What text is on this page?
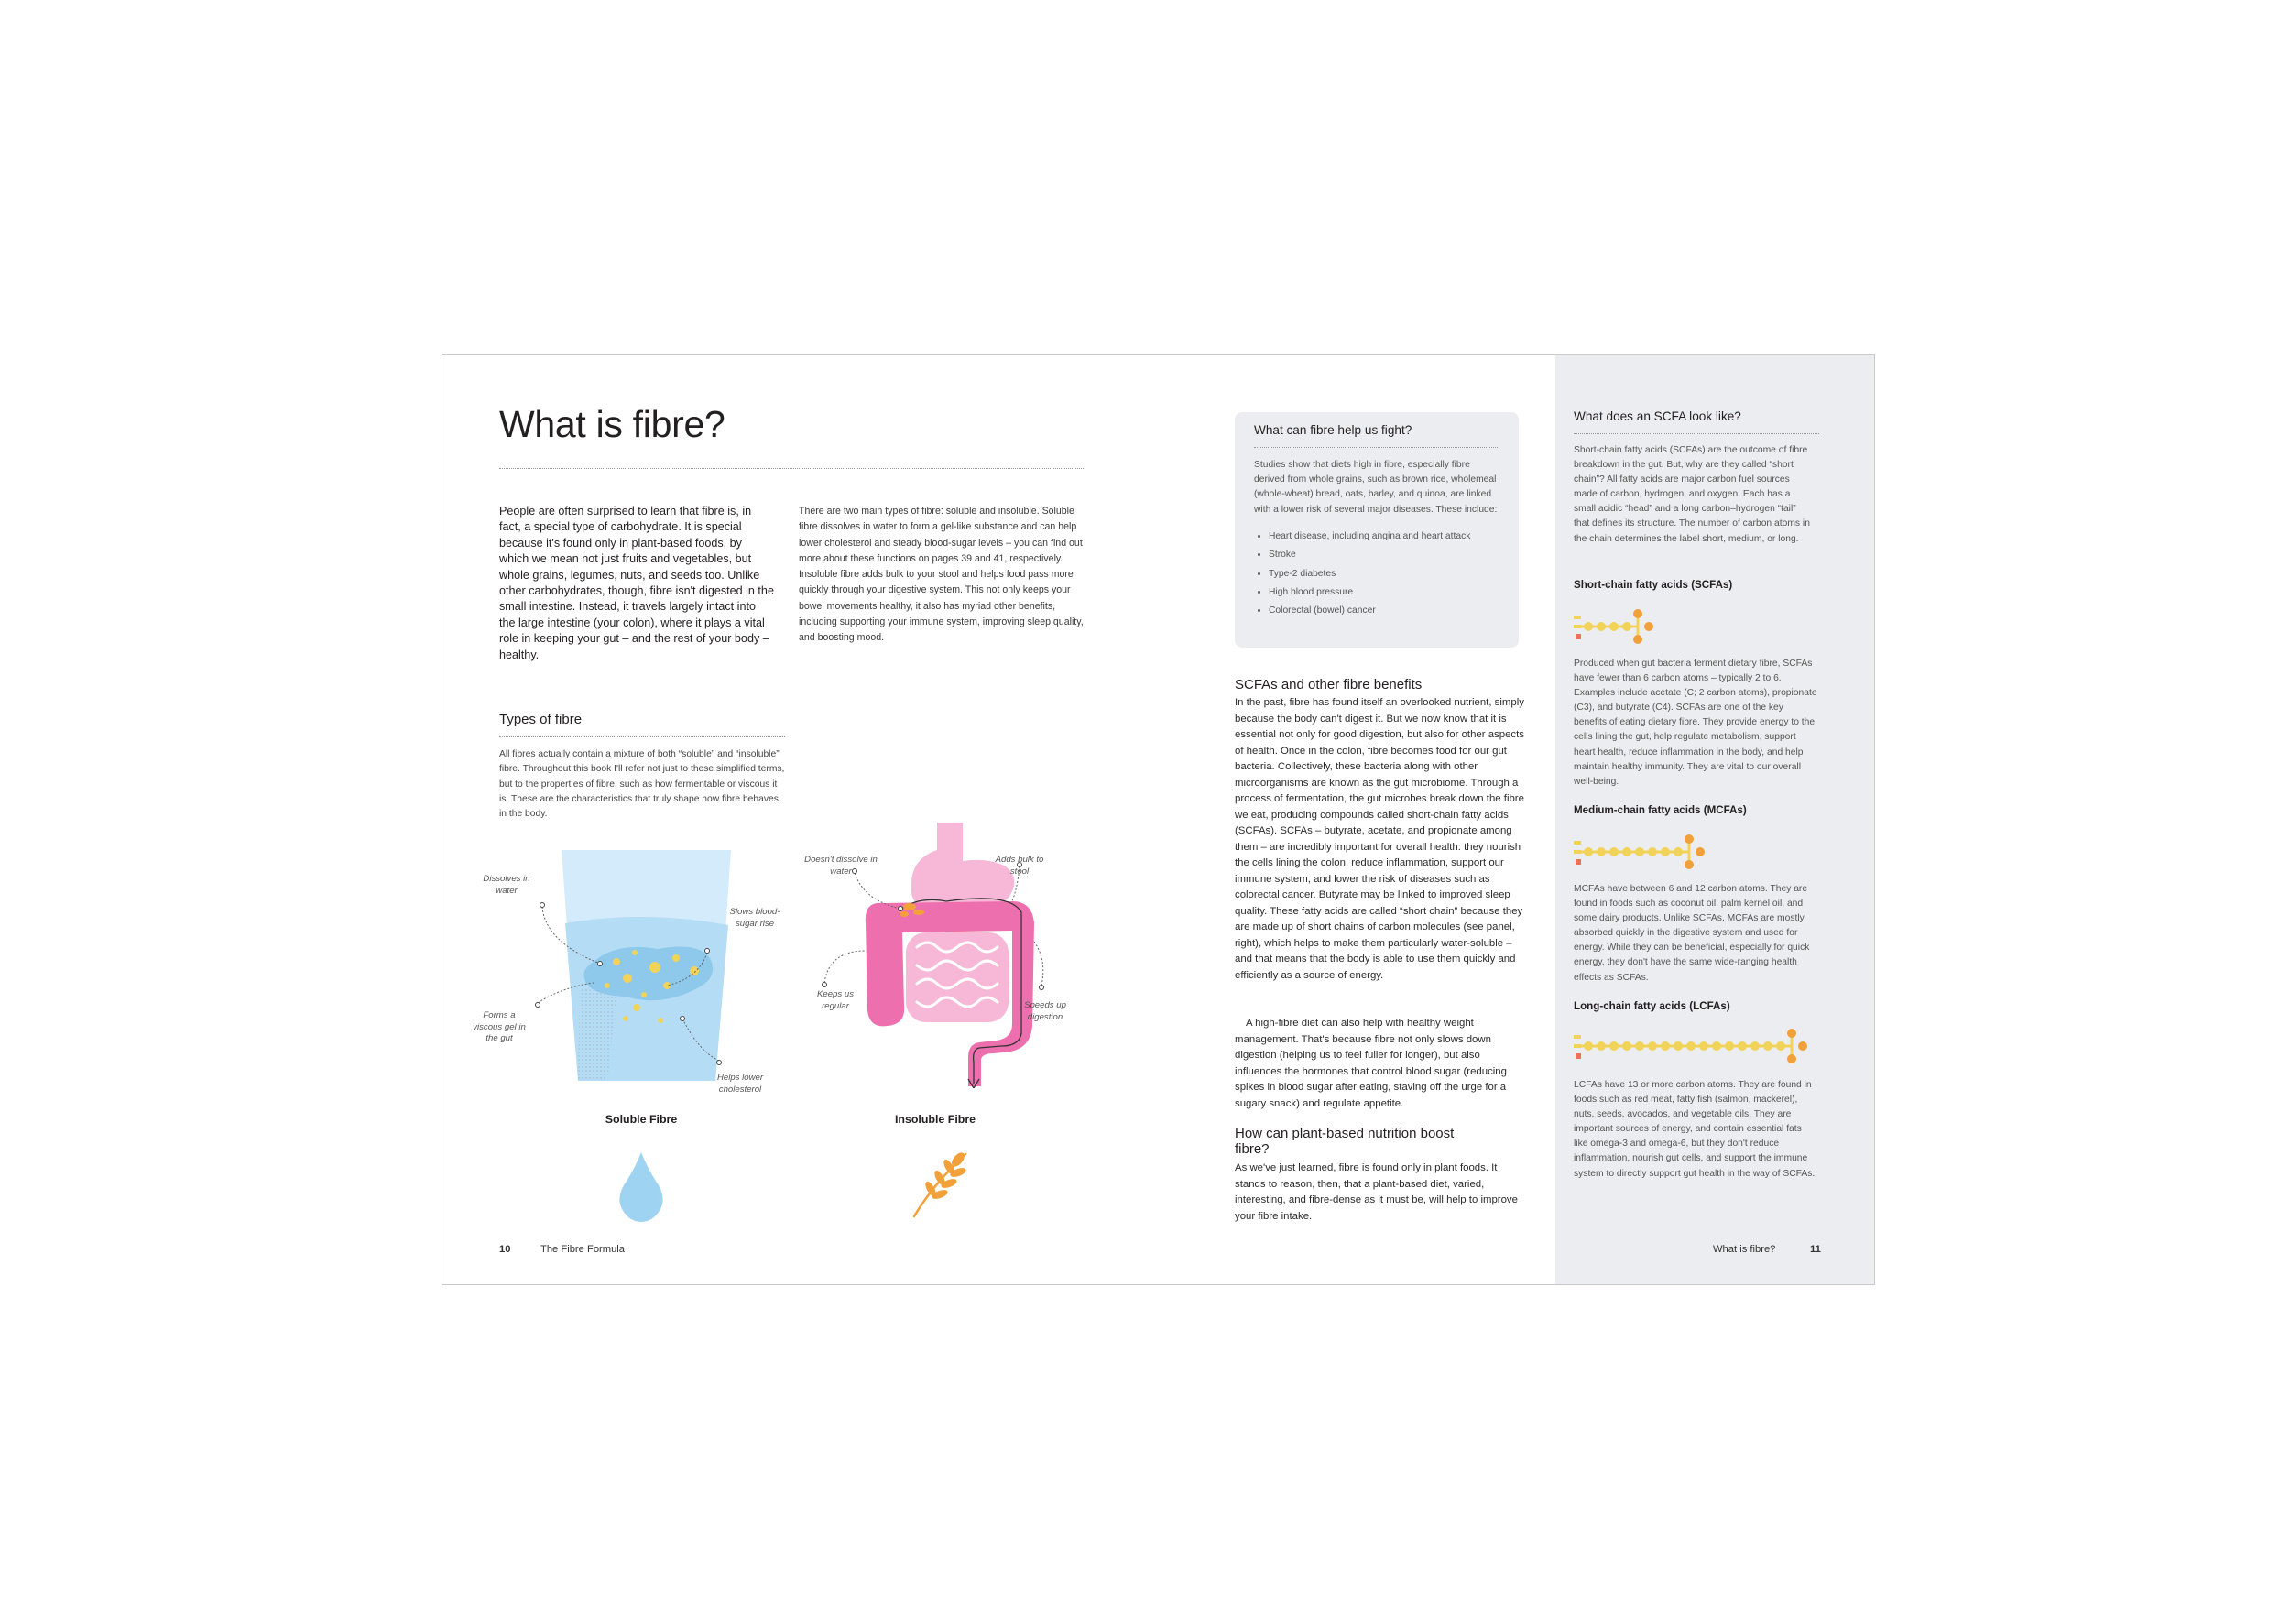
What is fibre?

People are often surprised to learn that fibre is, in fact, a special type of carbohydrate. It is special because it's found only in plant-based foods, by which we mean not just fruits and vegetables, but whole grains, legumes, nuts, and seeds too. Unlike other carbohydrates, though, fibre isn't digested in the small intestine. Instead, it travels largely intact into the large intestine (your colon), where it plays a vital role in keeping your gut – and the rest of your body – healthy.

There are two main types of fibre: soluble and insoluble. Soluble fibre dissolves in water to form a gel-like substance and can help lower cholesterol and steady blood-sugar levels – you can find out more about these functions on pages 39 and 41, respectively. Insoluble fibre adds bulk to your stool and helps food pass more quickly through your digestive system. This not only keeps your bowel movements healthy, it also has myriad other benefits, including supporting your immune system, improving sleep quality, and boosting mood.

Types of fibre

All fibres actually contain a mixture of both “soluble” and “insoluble” fibre. Throughout this book I'll refer not just to these simplified terms, but to the properties of fibre, such as how fermentable or viscous it is. These are the characteristics that truly shape how fibre behaves in the body.

Dissolves in water
Slows blood-sugar rise
Forms a viscous gel in the gut
Helps lower cholesterol
Doesn't dissolve in water
Adds bulk to stool
Keeps us regular	Speeds up digestion
Soluble Fibre	Insoluble Fibre
10	The Fibre Formula
What can fibre help us fight?

Studies show that diets high in fibre, especially fibre derived from whole grains, such as brown rice, wholemeal (whole-wheat) bread, oats, barley, and quinoa, are linked with a lower risk of several major diseases. These include:

• Heart disease, including angina and heart attack
• Stroke
• Type-2 diabetes
• High blood pressure
• Colorectal (bowel) cancer
SCFAs and other fibre benefits

In the past, fibre has found itself an overlooked nutrient, simply because the body can't digest it. But we now know that it is essential not only for good digestion, but also for other aspects of health. Once in the colon, fibre becomes food for our gut bacteria. Collectively, these bacteria along with other microorganisms are known as the gut microbiome. Through a process of fermentation, the gut microbes break down the fibre we eat, producing compounds called short-chain fatty acids (SCFAs). SCFAs – butyrate, acetate, and propionate among them – are incredibly important for overall health: they nourish the cells lining the colon, reduce inflammation, support our immune system, and lower the risk of diseases such as colorectal cancer. Butyrate may be linked to improved sleep quality. These fatty acids are called “short chain” because they are made up of short chains of carbon molecules (see panel, right), which helps to make them particularly water-soluble – and that means that the body is able to use them quickly and efficiently as a source of energy.

A high-fibre diet can also help with healthy weight management. That's because fibre not only slows down digestion (helping us to feel fuller for longer), but also influences the hormones that control blood sugar (reducing spikes in blood sugar after eating, staving off the urge for a sugary snack) and regulate appetite.

How can plant-based nutrition boost fibre?

As we've just learned, fibre is found only in plant foods. It stands to reason, then, that a plant-based diet, varied, interesting, and fibre-dense as it must be, will help to improve your fibre intake.

What does an SCFA look like?

Short-chain fatty acids (SCFAs) are the outcome of fibre breakdown in the gut. But, why are they called “short chain”? All fatty acids are major carbon fuel sources made of carbon, hydrogen, and oxygen. Each has a small acidic “head” and a long carbon–hydrogen “tail” that defines its structure. The number of carbon atoms in the chain determines the label short, medium, or long.

Short-chain fatty acids (SCFAs)

Produced when gut bacteria ferment dietary fibre, SCFAs have fewer than 6 carbon atoms – typically 2 to 6. Examples include acetate (C; 2 carbon atoms), propionate (C3), and butyrate (C4). SCFAs are one of the key benefits of eating dietary fibre. They provide energy to the cells lining the gut, help regulate metabolism, support heart health, reduce inflammation in the body, and help maintain healthy immunity. They are vital to our overall well-being.

Medium-chain fatty acids (MCFAs)

MCFAs have between 6 and 12 carbon atoms. They are found in foods such as coconut oil, palm kernel oil, and some dairy products. Unlike SCFAs, MCFAs are mostly absorbed quickly in the digestive system and used for energy. While they can be beneficial, especially for quick energy, they don't have the same wide-ranging health effects as SCFAs.

Long-chain fatty acids (LCFAs)

LCFAs have 13 or more carbon atoms. They are found in foods such as red meat, fatty fish (salmon, mackerel), nuts, seeds, avocados, and vegetable oils. They are important sources of energy, and contain essential fats like omega-3 and omega-6, but they don't reduce inflammation, nourish gut cells, and support the immune system to directly support gut health in the way of SCFAs.

What is fibre?	11
